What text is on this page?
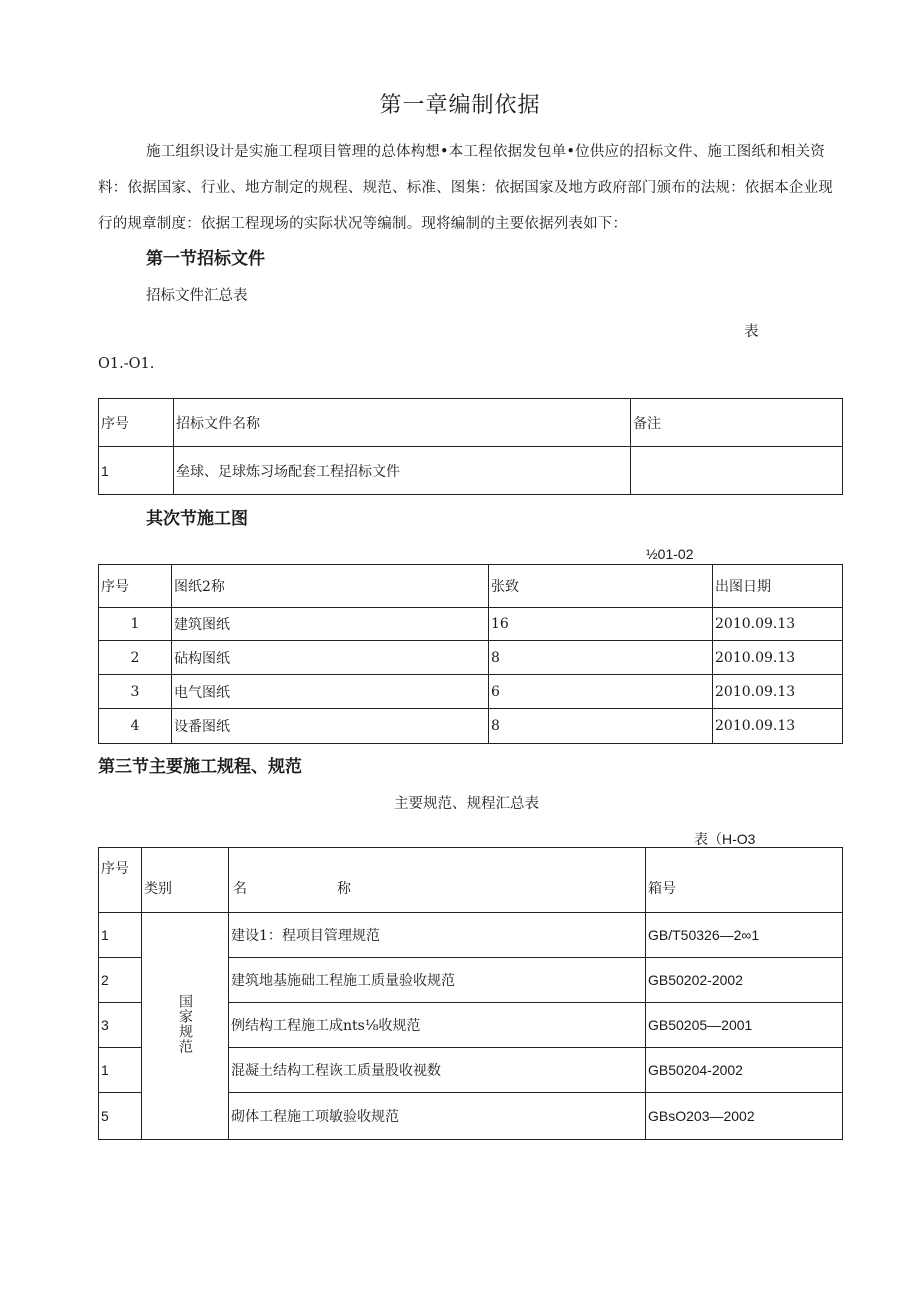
第一章编制依据
施工组织设计是实施工程项目管理的总体构想•本工程依据发包单•位供应的招标文件、施工图纸和相关资料：依据国家、行业、地方制定的规程、规范、标准、图集：依据国家及地方政府部门颁布的法规：依据本企业现行的规章制度：依据工程现场的实际状况等编制。现将编制的主要依据列表如下：
第一节招标文件
招标文件汇总表
表
O1.-O1.
序号	招标文件名称	备注
1	垒球、足球炼习场配套工程招标文件	
其次节施工图
½01-02
序号	图纸2称	张致	出图日期
1	建筑图纸	16	2010.09.13
2	砧构图纸	8	2010.09.13
3	电气图纸	6	2010.09.13
4	设番图纸	8	2010.09.13
第三节主要施工规程、规范
主要规范、规程汇总表
表（H-O3
序号	类别	名 称	箱号
1	国家规范	建设1：程项目管理规范	GB/T50326—2∞1
2		建筑地基施础工程施工质量验收规范	GB50202-2002
3		例结构工程施工成nts⅛收规范	GB50205—2001
1		混凝土结构工程诙工质量股收视数	GB50204-2002
5		砌体工程施工项敏验收规范	GBsO203—2002
